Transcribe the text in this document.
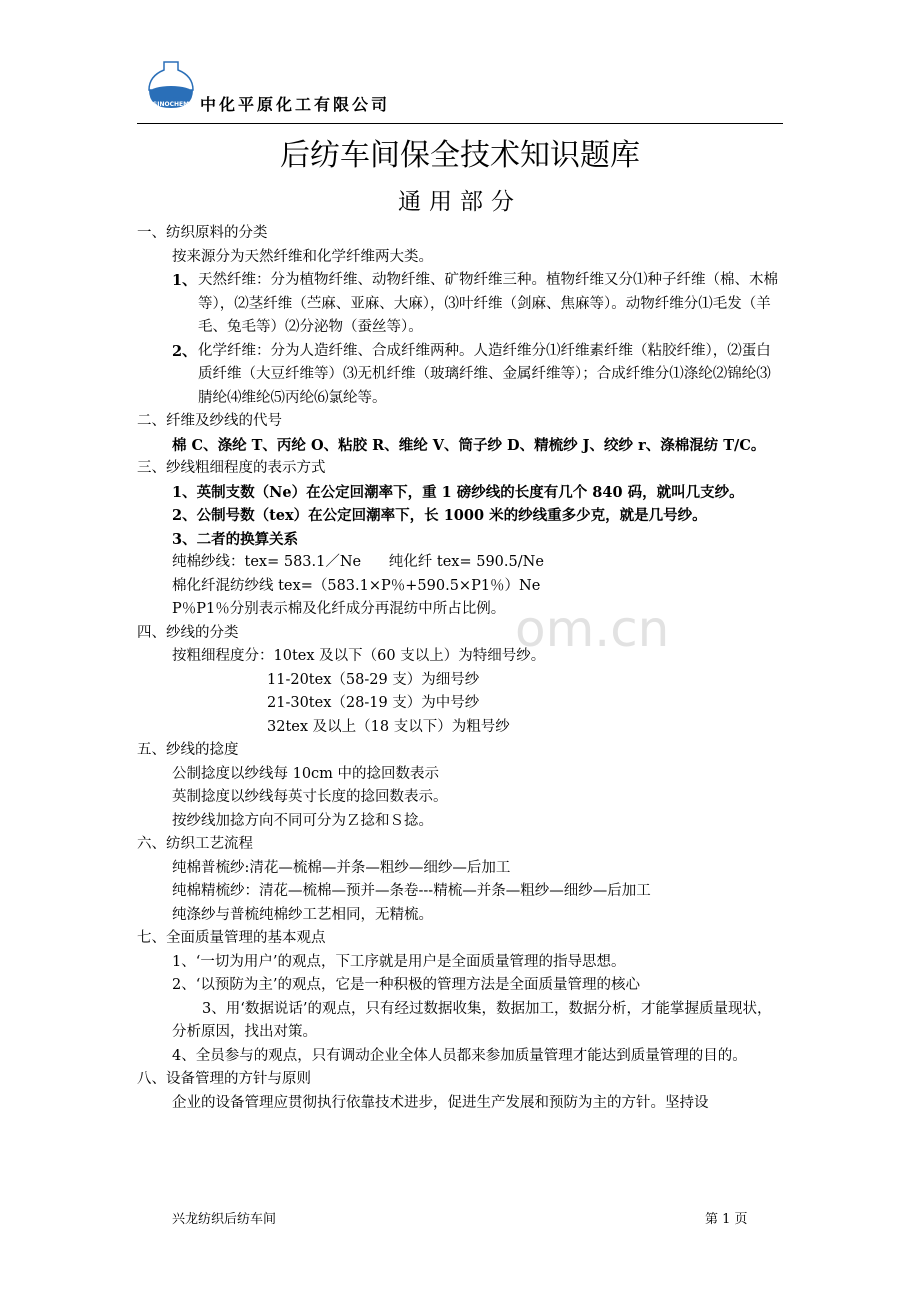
SINOCHEM 中化平原化工有限公司
后纺车间保全技术知识题库
通用部分
om.cn
一、纺织原料的分类
按来源分为天然纤维和化学纤维两大类。
1、 天然纤维：分为植物纤维、动物纤维、矿物纤维三种。植物纤维又分⑴种子纤维（棉、木棉等），⑵茎纤维（苎麻、亚麻、大麻），⑶叶纤维（剑麻、焦麻等）。动物纤维分⑴毛发（羊毛、兔毛等）⑵分泌物（蚕丝等）。
2、 化学纤维：分为人造纤维、合成纤维两种。人造纤维分⑴纤维素纤维（粘胶纤维），⑵蛋白质纤维（大豆纤维等）⑶无机纤维（玻璃纤维、金属纤维等）；合成纤维分⑴涤纶⑵锦纶⑶腈纶⑷维纶⑸丙纶⑹氯纶等。
二、纤维及纱线的代号
棉 C、涤纶 T、丙纶 O、粘胶 R、维纶 V、筒子纱 D、精梳纱 J、绞纱 r、涤棉混纺 T/C。
三、纱线粗细程度的表示方式
1、英制支数（Ne）在公定回潮率下，重 1 磅纱线的长度有几个 840 码，就叫几支纱。
2、公制号数（tex）在公定回潮率下，长 1000 米的纱线重多少克，就是几号纱。
3、二者的换算关系
纯棉纱线：tex= 583.1／Ne      纯化纤 tex= 590.5/Ne
棉化纤混纺纱线 tex=（583.1×P％+590.5×P1％）Ne
P％P1％分别表示棉及化纤成分再混纺中所占比例。
四、纱线的分类
按粗细程度分：10tex 及以下（60 支以上）为特细号纱。
11-20tex（58-29 支）为细号纱
21-30tex（28-19 支）为中号纱
32tex 及以上（18 支以下）为粗号纱
五、纱线的捻度
公制捻度以纱线每 10cm 中的捻回数表示
英制捻度以纱线每英寸长度的捻回数表示。
按纱线加捻方向不同可分为Ｚ捻和Ｓ捻。
六、纺织工艺流程
纯棉普梳纱:清花—梳棉—并条—粗纱—细纱—后加工
纯棉精梳纱：清花—梳棉—预并—条卷---精梳—并条—粗纱—细纱—后加工
纯涤纱与普梳纯棉纱工艺相同，无精梳。
七、全面质量管理的基本观点
1、‘一切为用户’的观点，下工序就是用户是全面质量管理的指导思想。
2、‘以预防为主’的观点，它是一种积极的管理方法是全面质量管理的核心
3、用‘数据说话’的观点，只有经过数据收集，数据加工，数据分析，才能掌握质量现状，分析原因，找出对策。
4、全员参与的观点，只有调动企业全体人员都来参加质量管理才能达到质量管理的目的。
八、设备管理的方针与原则
企业的设备管理应贯彻执行依靠技术进步，促进生产发展和预防为主的方针。坚持设
兴龙纺织后纺车间	第 1 页
